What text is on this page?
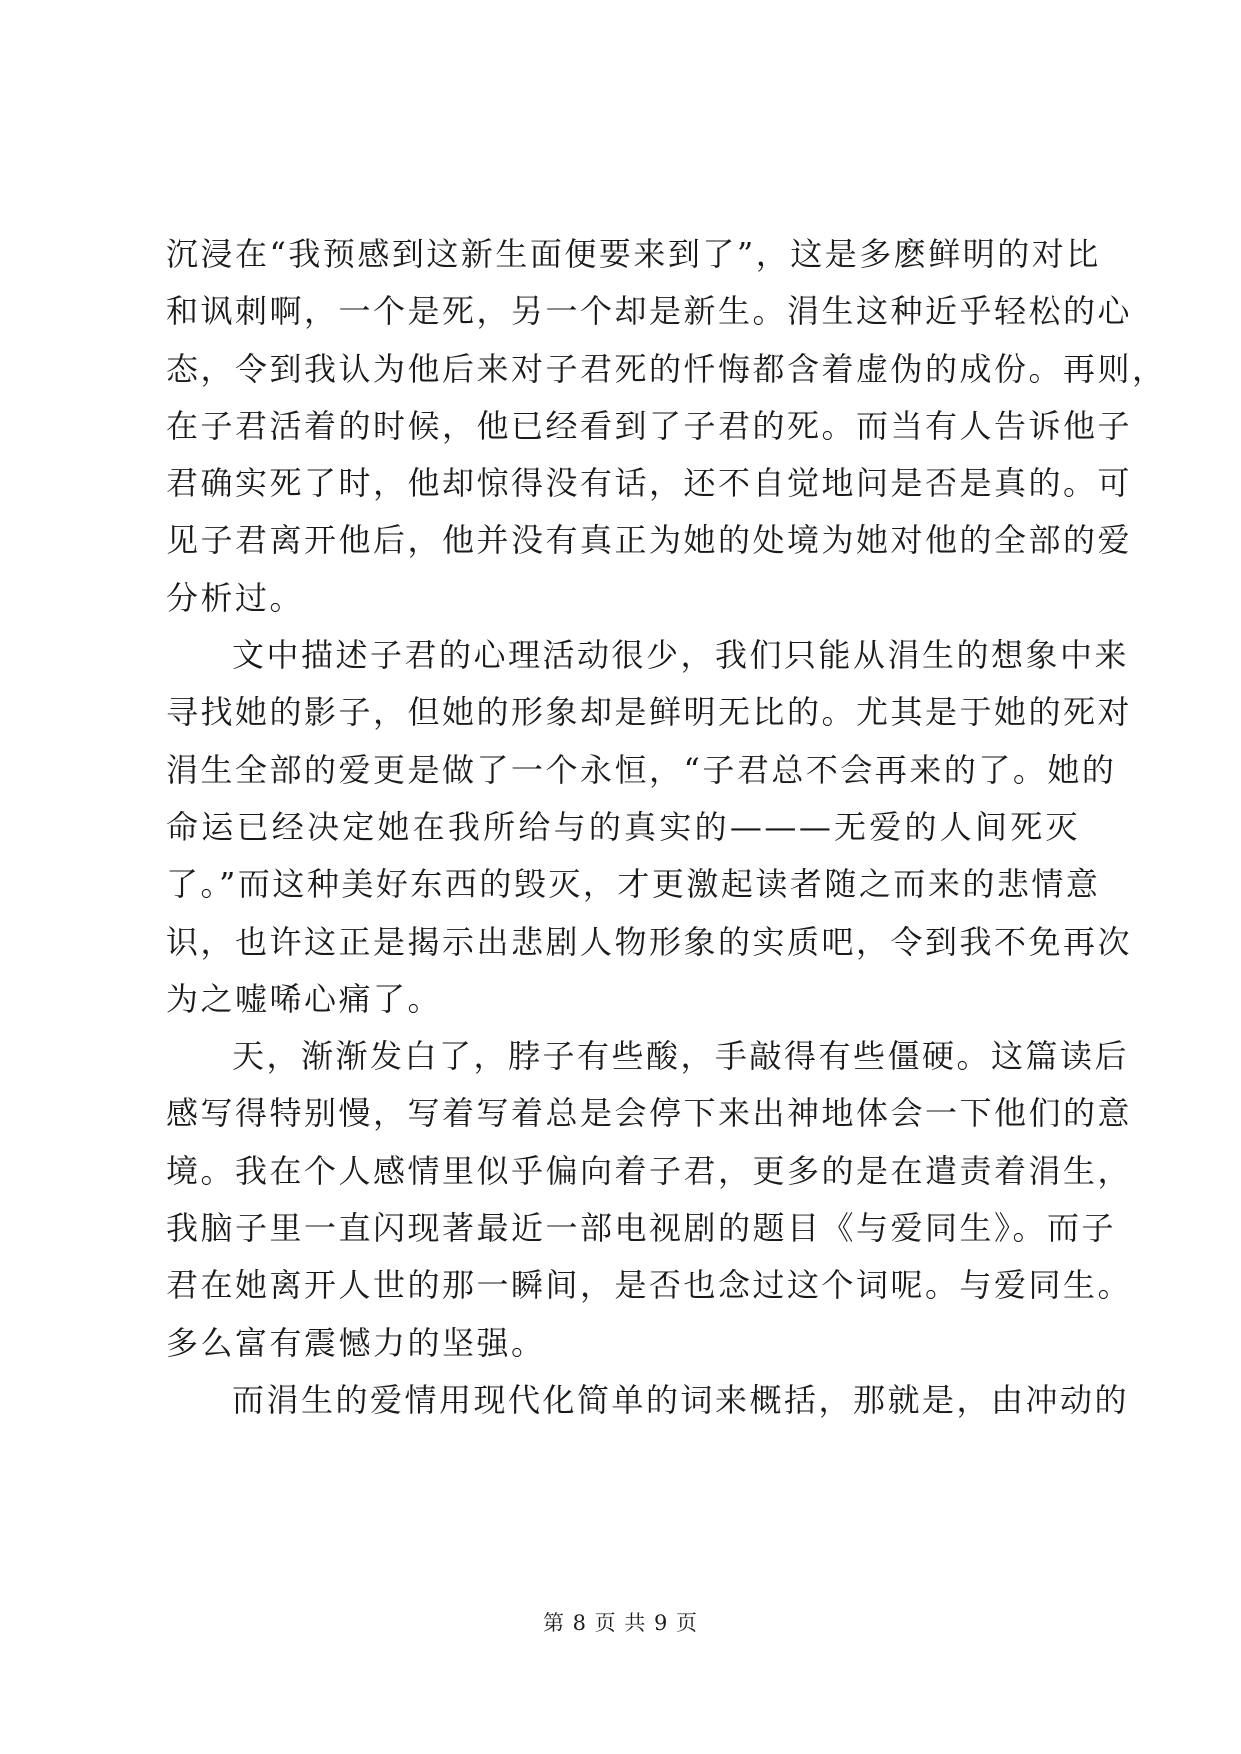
沉浸在“我预感到这新生面便要来到了”，这是多麽鲜明的对比
和讽刺啊，一个是死，另一个却是新生。涓生这种近乎轻松的心
态，令到我认为他后来对子君死的忏悔都含着虚伪的成份。再则，
在子君活着的时候，他已经看到了子君的死。而当有人告诉他子
君确实死了时，他却惊得没有话，还不自觉地问是否是真的。可
见子君离开他后，他并没有真正为她的处境为她对他的全部的爱
分析过。
文中描述子君的心理活动很少，我们只能从涓生的想象中来
寻找她的影子，但她的形象却是鲜明无比的。尤其是于她的死对
涓生全部的爱更是做了一个永恒，“子君总不会再来的了。她的
命运已经决定她在我所给与的真实的———无爱的人间死灭
了。”而这种美好东西的毁灭，才更激起读者随之而来的悲情意
识，也许这正是揭示出悲剧人物形象的实质吧，令到我不免再次
为之嘘唏心痛了。
天，渐渐发白了，脖子有些酸，手敲得有些僵硬。这篇读后
感写得特别慢，写着写着总是会停下来出神地体会一下他们的意
境。我在个人感情里似乎偏向着子君，更多的是在遣责着涓生，
我脑子里一直闪现著最近一部电视剧的题目《与爱同生》。而子
君在她离开人世的那一瞬间，是否也念过这个词呢。与爱同生。
多么富有震憾力的坚强。
而涓生的爱情用现代化简单的词来概括，那就是，由冲动的
第 8 页 共 9 页
